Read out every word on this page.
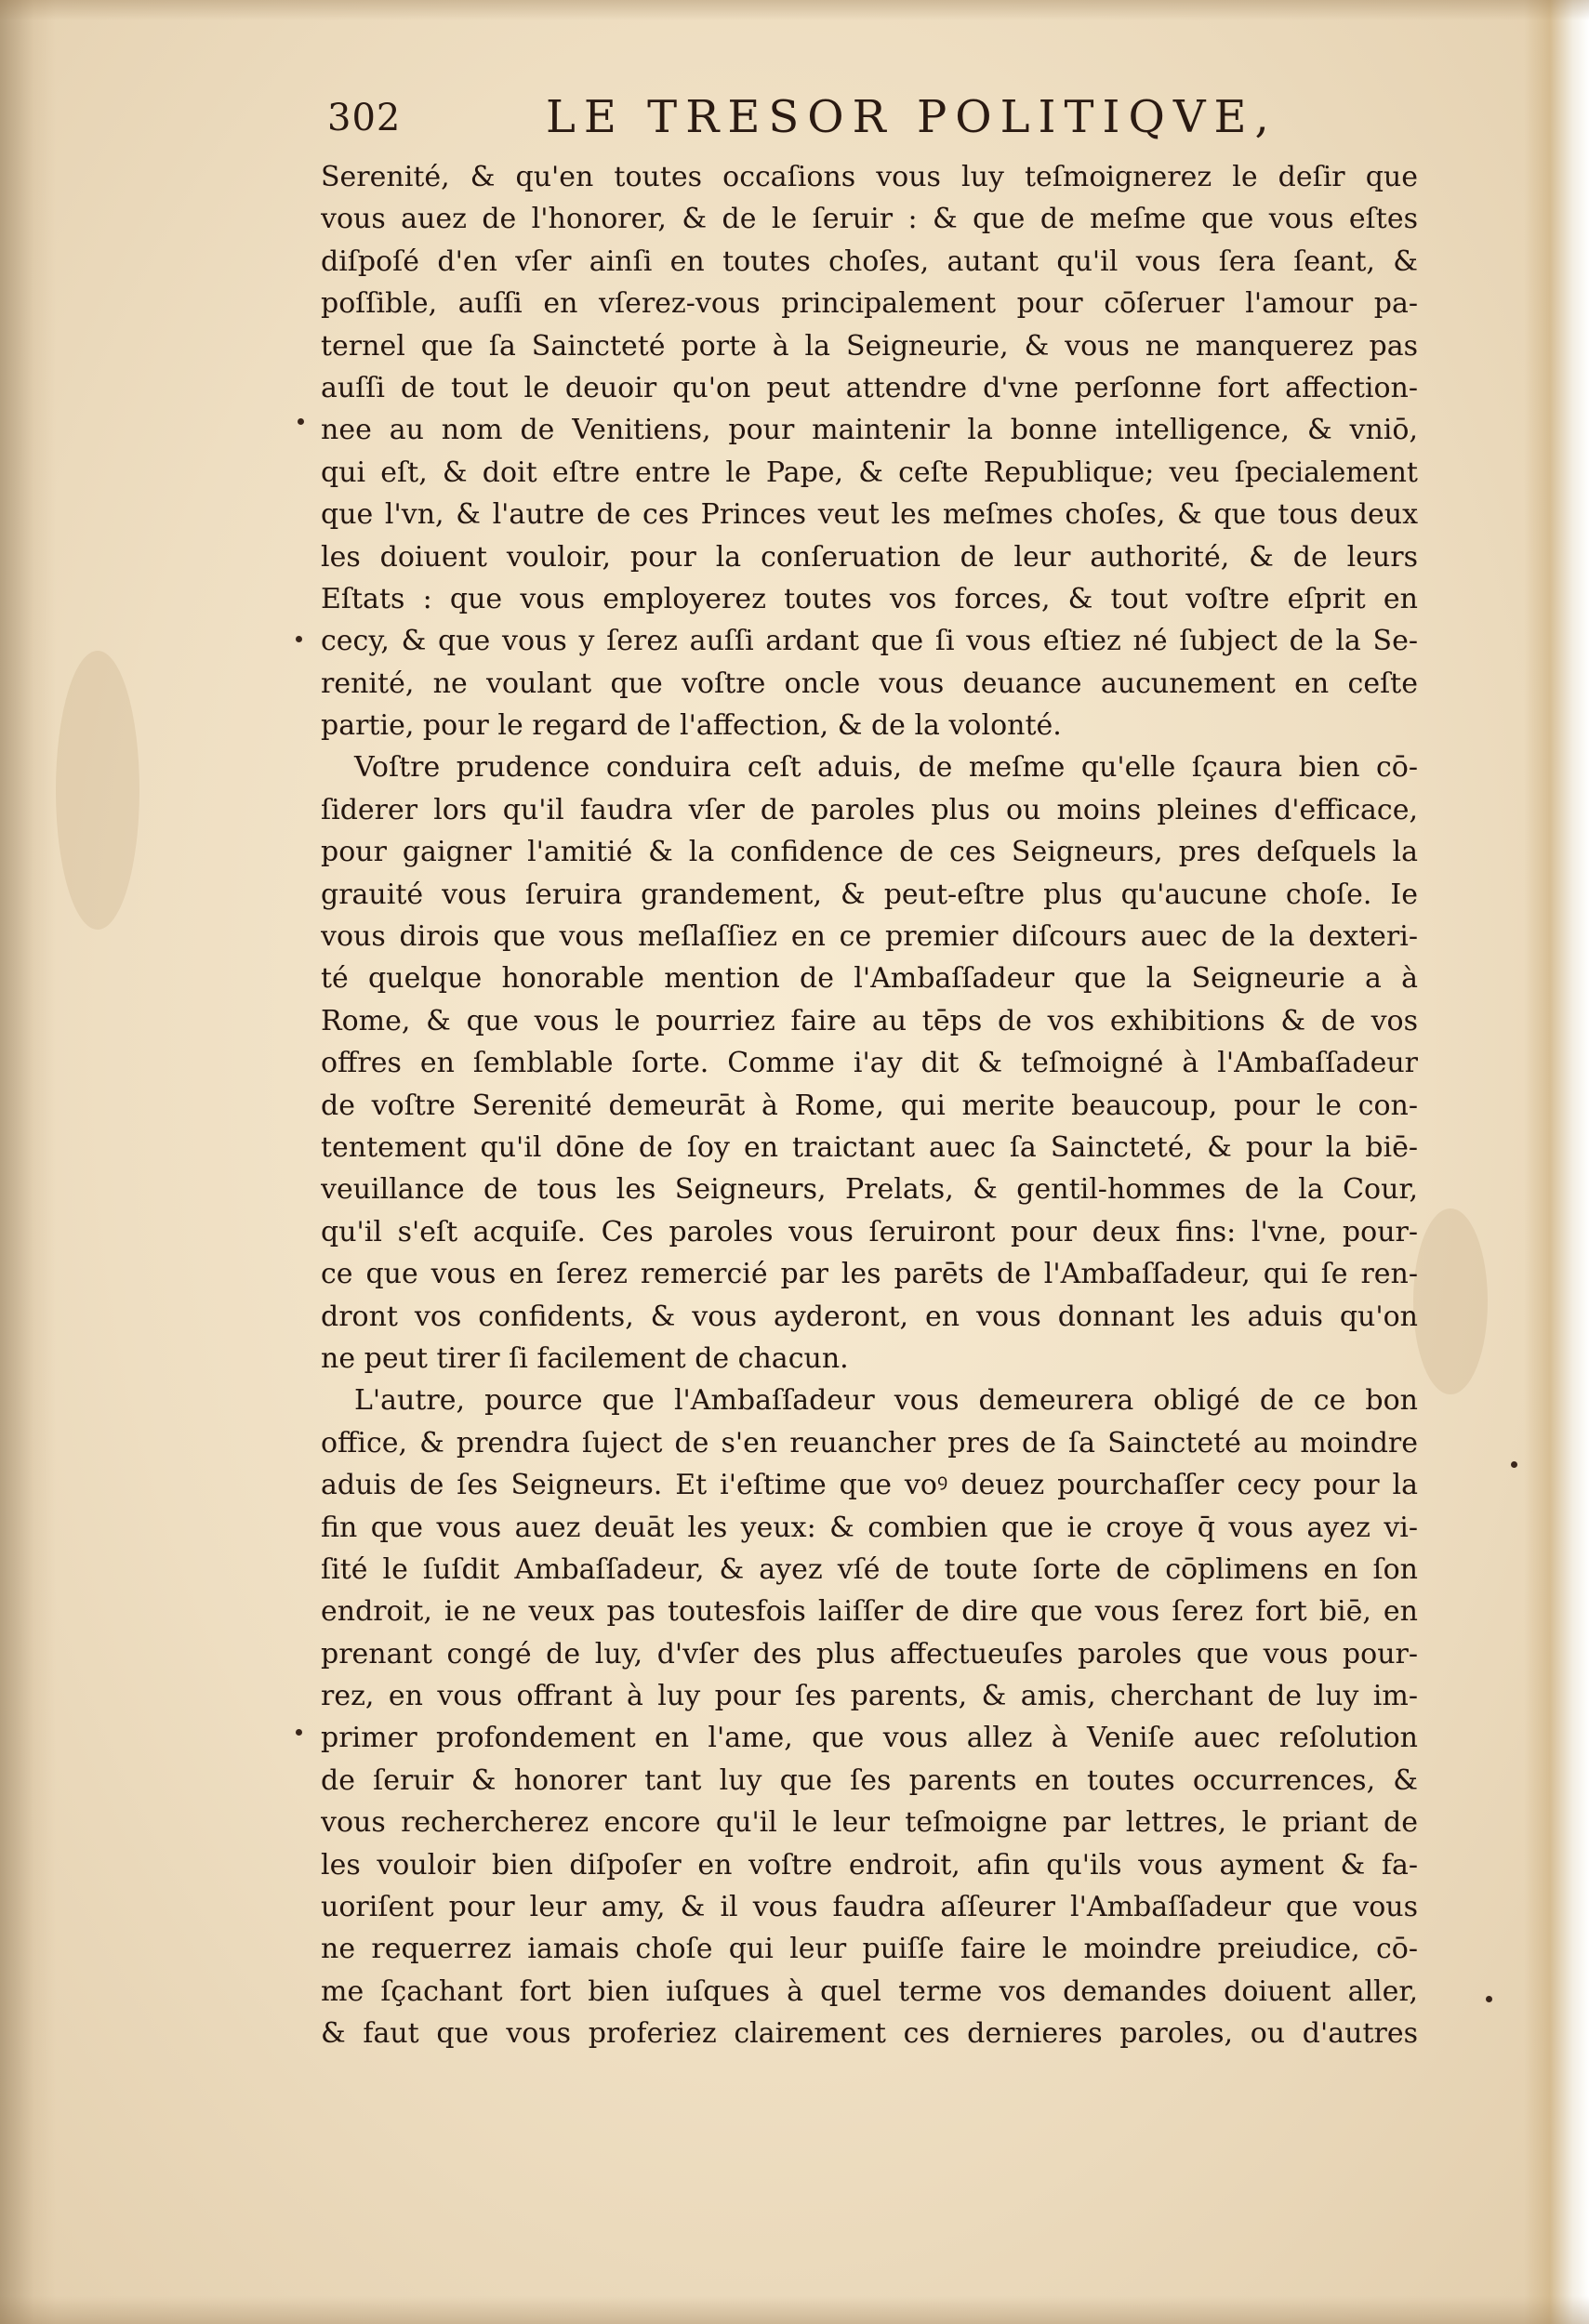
302	LE TRESOR POLITIQVE,
Serenité, & qu'en toutes occaſions vous luy teſmoignerez le deſir que
vous auez de l'honorer, & de le ſeruir : & que de meſme que vous eſtes
diſpoſé d'en vſer ainſi en toutes choſes, autant qu'il vous ſera ſeant, &
poſſible, auſſi en vſerez-vous principalement pour cōſeruer l'amour pa-
ternel que ſa Saincteté porte à la Seigneurie, & vous ne manquerez pas
auſſi de tout le deuoir qu'on peut attendre d'vne perſonne fort affection-
nee au nom de Venitiens, pour maintenir la bonne intelligence, & vniō,
qui eſt, & doit eſtre entre le Pape, & ceſte Republique; veu ſpecialement
que l'vn, & l'autre de ces Princes veut les meſmes choſes, & que tous deux
les doiuent vouloir, pour la conſeruation de leur authorité, & de leurs
Eſtats : que vous employerez toutes vos forces, & tout voſtre eſprit en
cecy, & que vous y ſerez auſſi ardant que ſi vous eſtiez né ſubject de la Se-
renité, ne voulant que voſtre oncle vous deuance aucunement en ceſte
partie, pour le regard de l'affection, & de la volonté.
Voſtre prudence conduira ceſt aduis, de meſme qu'elle ſçaura bien cō-
ſiderer lors qu'il faudra vſer de paroles plus ou moins pleines d'efficace,
pour gaigner l'amitié & la confidence de ces Seigneurs, pres deſquels la
grauité vous ſeruira grandement, & peut-eſtre plus qu'aucune choſe. Ie
vous dirois que vous meſlaſſiez en ce premier diſcours auec de la dexteri-
té quelque honorable mention de l'Ambaſſadeur que la Seigneurie a à
Rome, & que vous le pourriez faire au tēps de vos exhibitions & de vos
offres en ſemblable ſorte. Comme i'ay dit & teſmoigné à l'Ambaſſadeur
de voſtre Serenité demeurāt à Rome, qui merite beaucoup, pour le con-
tentement qu'il dōne de ſoy en traictant auec ſa Saincteté, & pour la biē-
veuillance de tous les Seigneurs, Prelats, & gentil-hommes de la Cour,
qu'il s'eſt acquiſe. Ces paroles vous ſeruiront pour deux fins: l'vne, pour-
ce que vous en ſerez remercié par les parēts de l'Ambaſſadeur, qui ſe ren-
dront vos confidents, & vous ayderont, en vous donnant les aduis qu'on
ne peut tirer ſi facilement de chacun.
L'autre, pource que l'Ambaſſadeur vous demeurera obligé de ce bon
office, & prendra ſuject de s'en reuancher pres de ſa Saincteté au moindre
aduis de ſes Seigneurs. Et i'eſtime que voꝰ deuez pourchaſſer cecy pour la
fin que vous auez deuāt les yeux: & combien que ie croye q̄ vous ayez vi-
ſité le ſuſdit Ambaſſadeur, & ayez vſé de toute ſorte de cōplimens en ſon
endroit, ie ne veux pas toutesfois laiſſer de dire que vous ſerez fort biē, en
prenant congé de luy, d'vſer des plus affectueuſes paroles que vous pour-
rez, en vous offrant à luy pour ſes parents, & amis, cherchant de luy im-
primer profondement en l'ame, que vous allez à Veniſe auec reſolution
de ſeruir & honorer tant luy que ſes parents en toutes occurrences, &
vous rechercherez encore qu'il le leur teſmoigne par lettres, le priant de
les vouloir bien diſpoſer en voſtre endroit, afin qu'ils vous ayment & fa-
uoriſent pour leur amy, & il vous faudra aſſeurer l'Ambaſſadeur que vous
ne requerrez iamais choſe qui leur puiſſe faire le moindre preiudice, cō-
me ſçachant fort bien iuſques à quel terme vos demandes doiuent aller,
& faut que vous proferiez clairement ces dernieres paroles, ou d'autres
